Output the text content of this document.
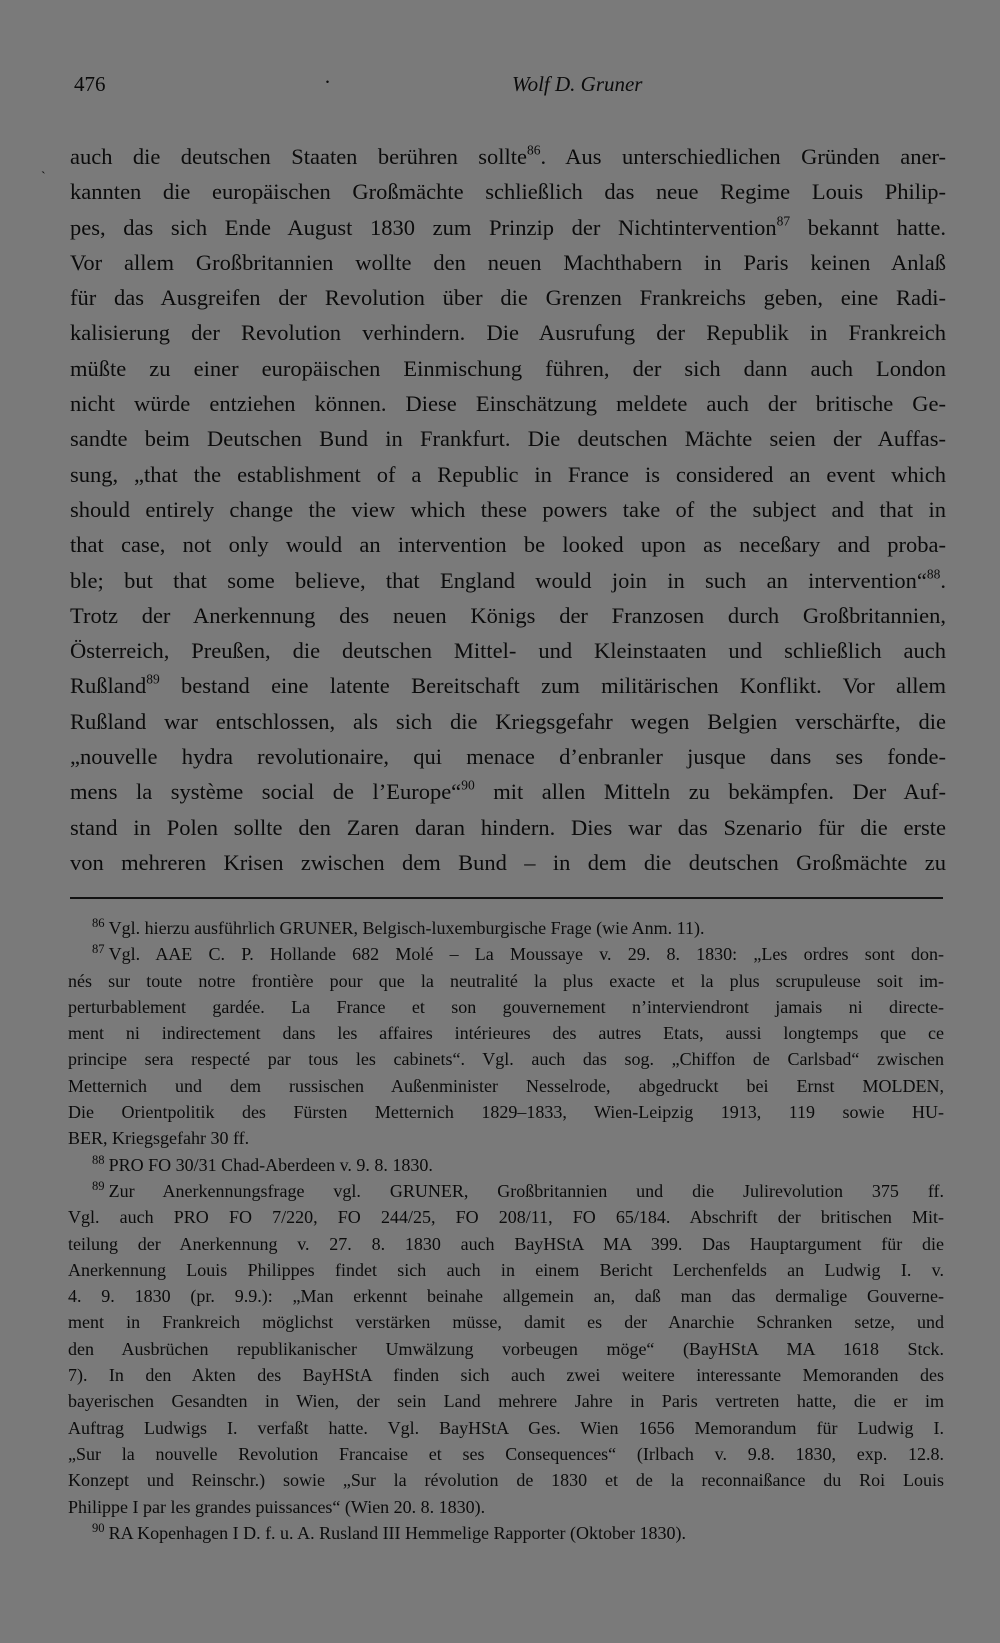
476	·	Wolf D. Gruner
`
auch die deutschen Staaten berühren sollte$^{86}$. Aus unterschiedlichen Gründen aner-
kannten die europäischen Großmächte schließlich das neue Regime Louis Philip-
pes, das sich Ende August 1830 zum Prinzip der Nichtintervention$^{87}$ bekannt hatte.
Vor allem Großbritannien wollte den neuen Machthabern in Paris keinen Anlaß
für das Ausgreifen der Revolution über die Grenzen Frankreichs geben, eine Radi-
kalisierung der Revolution verhindern. Die Ausrufung der Republik in Frankreich
müßte zu einer europäischen Einmischung führen, der sich dann auch London
nicht würde entziehen können. Diese Einschätzung meldete auch der britische Ge-
sandte beim Deutschen Bund in Frankfurt. Die deutschen Mächte seien der Auffas-
sung, „that the establishment of a Republic in France is considered an event which
should entirely change the view which these powers take of the subject and that in
that case, not only would an intervention be looked upon as neceßary and proba-
ble; but that some believe, that England would join in such an intervention“$^{88}$.
Trotz der Anerkennung des neuen Königs der Franzosen durch Großbritannien,
Österreich, Preußen, die deutschen Mittel- und Kleinstaaten und schließlich auch
Rußland$^{89}$ bestand eine latente Bereitschaft zum militärischen Konflikt. Vor allem
Rußland war entschlossen, als sich die Kriegsgefahr wegen Belgien verschärfte, die
„nouvelle hydra revolutionaire, qui menace d’enbranler jusque dans ses fonde-
mens la système social de l’Europe“$^{90}$ mit allen Mitteln zu bekämpfen. Der Auf-
stand in Polen sollte den Zaren daran hindern. Dies war das Szenario für die erste
von mehreren Krisen zwischen dem Bund – in dem die deutschen Großmächte zu
$^{86}$ Vgl. hierzu ausführlich GRUNER, Belgisch-luxemburgische Frage (wie Anm. 11).
$^{87}$ Vgl. AAE C. P. Hollande 682 Molé – La Moussaye v. 29. 8. 1830: „Les ordres sont don-
nés sur toute notre frontière pour que la neutralité la plus exacte et la plus scrupuleuse soit im-
perturbablement gardée. La France et son gouvernement n’interviendront jamais ni directe-
ment ni indirectement dans les affaires intérieures des autres Etats, aussi longtemps que ce
principe sera respecté par tous les cabinets“. Vgl. auch das sog. „Chiffon de Carlsbad“ zwischen
Metternich und dem russischen Außenminister Nesselrode, abgedruckt bei Ernst MOLDEN,
Die Orientpolitik des Fürsten Metternich 1829–1833, Wien-Leipzig 1913, 119 sowie HU-
BER, Kriegsgefahr 30 ff.
$^{88}$ PRO FO 30/31 Chad-Aberdeen v. 9. 8. 1830.
$^{89}$ Zur Anerkennungsfrage vgl. GRUNER, Großbritannien und die Julirevolution 375 ff.
Vgl. auch PRO FO 7/220, FO 244/25, FO 208/11, FO 65/184. Abschrift der britischen Mit-
teilung der Anerkennung v. 27. 8. 1830 auch BayHStA MA 399. Das Hauptargument für die
Anerkennung Louis Philippes findet sich auch in einem Bericht Lerchenfelds an Ludwig I. v.
4. 9. 1830 (pr. 9.9.): „Man erkennt beinahe allgemein an, daß man das dermalige Gouverne-
ment in Frankreich möglichst verstärken müsse, damit es der Anarchie Schranken setze, und
den Ausbrüchen republikanischer Umwälzung vorbeugen möge“ (BayHStA MA 1618 Stck.
7). In den Akten des BayHStA finden sich auch zwei weitere interessante Memoranden des
bayerischen Gesandten in Wien, der sein Land mehrere Jahre in Paris vertreten hatte, die er im
Auftrag Ludwigs I. verfaßt hatte. Vgl. BayHStA Ges. Wien 1656 Memorandum für Ludwig I.
„Sur la nouvelle Revolution Francaise et ses Consequences“ (Irlbach v. 9.8. 1830, exp. 12.8.
Konzept und Reinschr.) sowie „Sur la révolution de 1830 et de la reconnaißance du Roi Louis
Philippe I par les grandes puissances“ (Wien 20. 8. 1830).
$^{90}$ RA Kopenhagen I D. f. u. A. Rusland III Hemmelige Rapporter (Oktober 1830).
